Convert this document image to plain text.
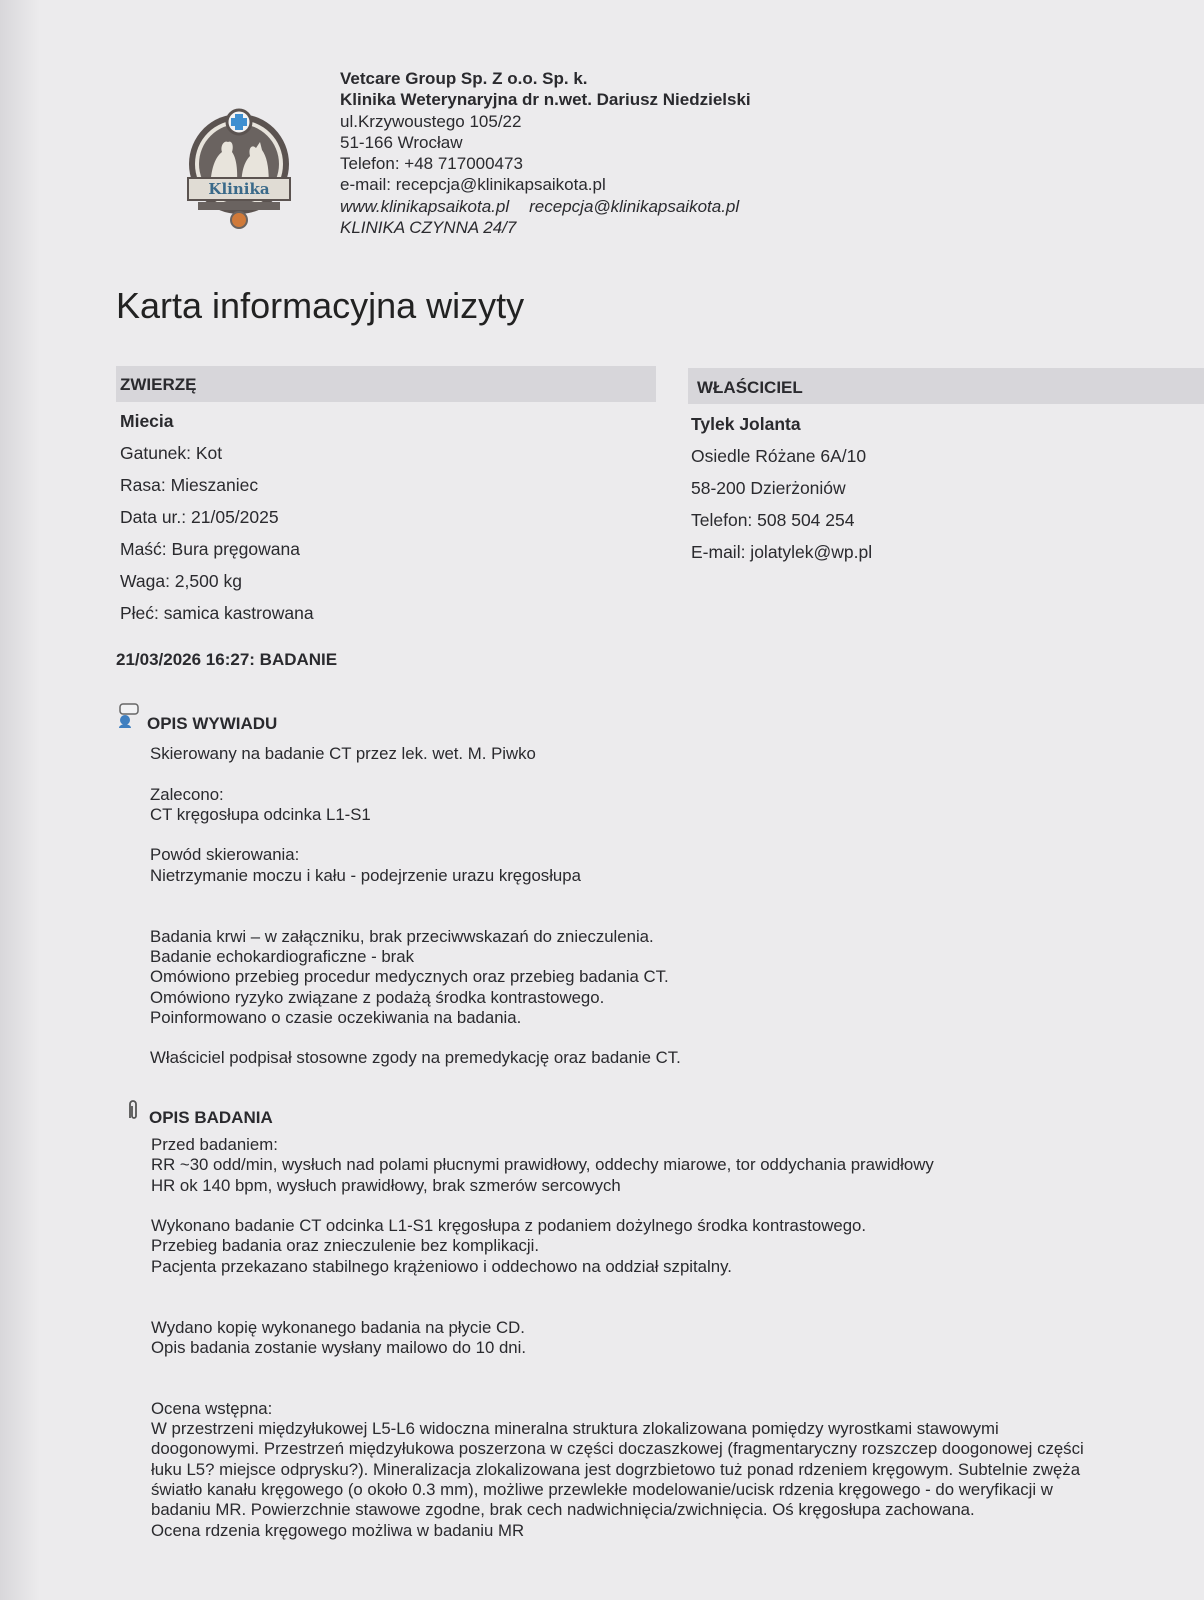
Klinika
Vetcare Group Sp. Z o.o. Sp. k.
Klinika Weterynaryjna dr n.wet. Dariusz Niedzielski
ul.Krzywoustego 105/22
51-166 Wrocław
Telefon: +48 717000473
e-mail: recepcja@klinikapsaikota.pl
www.klinikapsaikota.pl recepcja@klinikapsaikota.pl
KLINIKA CZYNNA 24/7
Karta informacyjna wizyty
ZWIERZĘ	WŁAŚCICIEL
Miecia
Gatunek: Kot
Rasa: Mieszaniec
Data ur.: 21/05/2025
Maść: Bura pręgowana
Waga: 2,500 kg
Płeć: samica kastrowana
Tylek Jolanta
Osiedle Różane 6A/10
58-200 Dzierżoniów
Telefon: 508 504 254
E-mail: jolatylek@wp.pl
21/03/2026 16:27: BADANIE
OPIS WYWIADU
Skierowany na badanie CT przez lek. wet. M. Piwko
Zalecono:
CT kręgosłupa odcinka L1-S1
Powód skierowania:
Nietrzymanie moczu i kału - podejrzenie urazu kręgosłupa
Badania krwi – w załączniku, brak przeciwwskazań do znieczulenia.
Badanie echokardiograficzne - brak
Omówiono przebieg procedur medycznych oraz przebieg badania CT.
Omówiono ryzyko związane z podażą środka kontrastowego.
Poinformowano o czasie oczekiwania na badania.
Właściciel podpisał stosowne zgody na premedykację oraz badanie CT.
OPIS BADANIA
Przed badaniem:
RR ~30 odd/min, wysłuch nad polami płucnymi prawidłowy, oddechy miarowe, tor oddychania prawidłowy
HR ok 140 bpm, wysłuch prawidłowy, brak szmerów sercowych
Wykonano badanie CT odcinka L1-S1 kręgosłupa z podaniem dożylnego środka kontrastowego.
Przebieg badania oraz znieczulenie bez komplikacji.
Pacjenta przekazano stabilnego krążeniowo i oddechowo na oddział szpitalny.
Wydano kopię wykonanego badania na płycie CD.
Opis badania zostanie wysłany mailowo do 10 dni.
Ocena wstępna:
W przestrzeni międzyłukowej L5-L6 widoczna mineralna struktura zlokalizowana pomiędzy wyrostkami stawowymi
doogonowymi. Przestrzeń międzyłukowa poszerzona w części doczaszkowej (fragmentaryczny rozszczep doogonowej części
łuku L5? miejsce odprysku?). Mineralizacja zlokalizowana jest dogrzbietowo tuż ponad rdzeniem kręgowym. Subtelnie zwęża
światło kanału kręgowego (o około 0.3 mm), możliwe przewlekłe modelowanie/ucisk rdzenia kręgowego - do weryfikacji w
badaniu MR. Powierzchnie stawowe zgodne, brak cech nadwichnięcia/zwichnięcia. Oś kręgosłupa zachowana.
Ocena rdzenia kręgowego możliwa w badaniu MR
